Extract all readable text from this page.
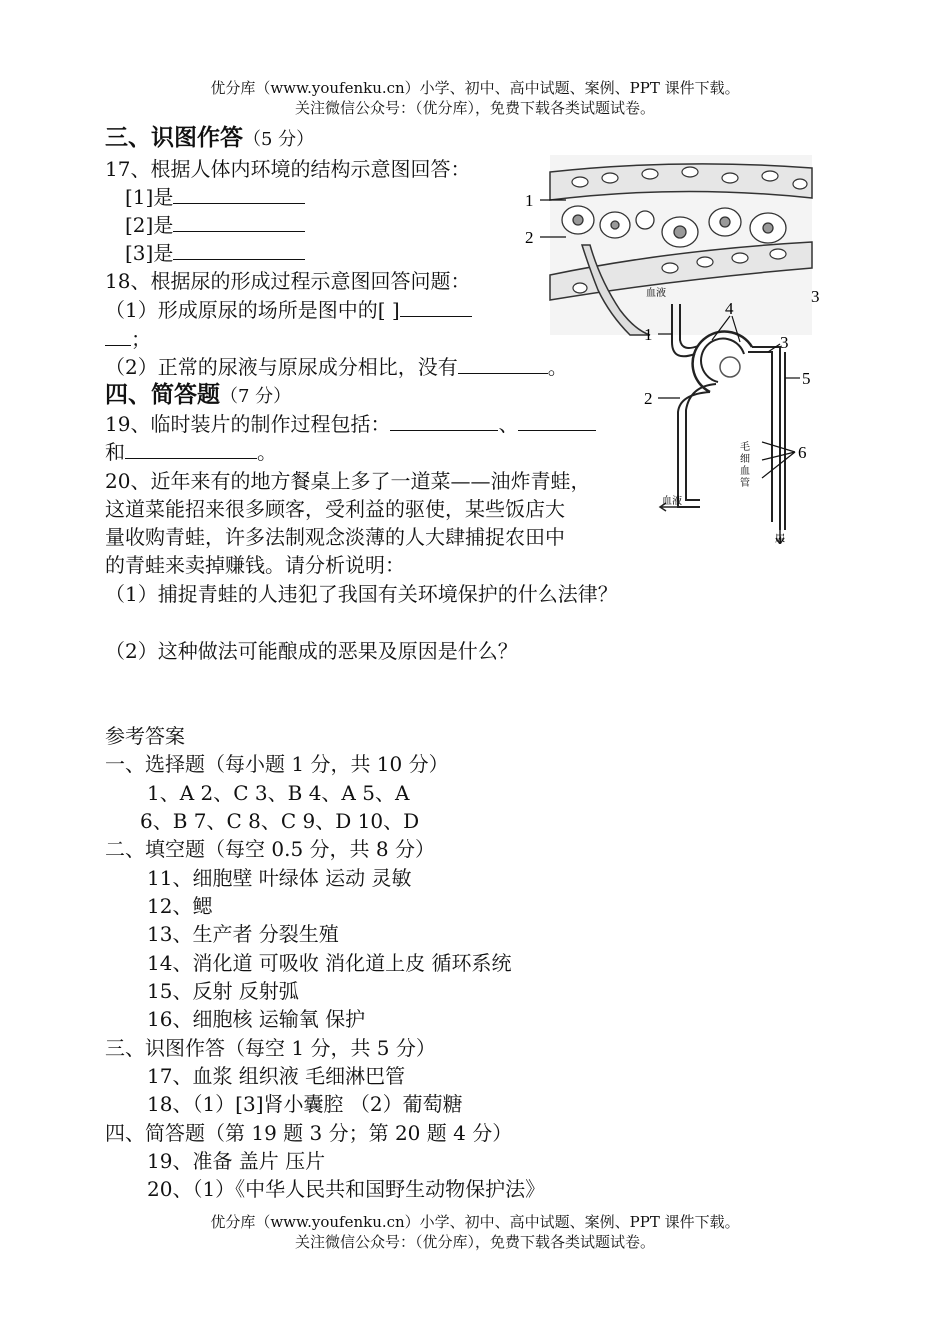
优分库（www.youfenku.cn）小学、初中、高中试题、案例、PPT 课件下载。
关注微信公众号：（优分库），免费下载各类试题试卷。
三、识图作答（5 分）
17、根据人体内环境的结构示意图回答：
[1]是
[2]是
[3]是
18、根据尿的形成过程示意图回答问题：
（1）形成原尿的场所是图中的[ ]
；
（2）正常的尿液与原尿成分相比，没有	。
四、简答题（7 分）
19、临时装片的制作过程包括：	、
和	。
20、近年来有的地方餐桌上多了一道菜——油炸青蛙，
这道菜能招来很多顾客，受利益的驱使，某些饭店大
量收购青蛙，许多法制观念淡薄的人大肆捕捉农田中
的青蛙来卖掉赚钱。请分析说明：
（1）捕捉青蛙的人违犯了我国有关环境保护的什么法律？
（2）这种做法可能酿成的恶果及原因是什么？
1
2
3
血液
血液
尿
毛
细
血
管
1
2
3
4
5
6
参考答案
一、选择题（每小题 1 分，共 10 分）
1、A 2、C 3、B 4、A 5、A
6、B 7、C 8、C 9、D 10、D
二、填空题（每空 0.5 分，共 8 分）
11、细胞壁 叶绿体 运动 灵敏
12、鳃
13、生产者 分裂生殖
14、消化道 可吸收 消化道上皮 循环系统
15、反射 反射弧
16、细胞核 运输氧 保护
三、识图作答（每空 1 分，共 5 分）
17、血浆 组织液 毛细淋巴管
18、（1）[3]肾小囊腔 （2）葡萄糖
四、简答题（第 19 题 3 分；第 20 题 4 分）
19、准备 盖片 压片
20、（1）《中华人民共和国野生动物保护法》
优分库（www.youfenku.cn）小学、初中、高中试题、案例、PPT 课件下载。
关注微信公众号：（优分库），免费下载各类试题试卷。
